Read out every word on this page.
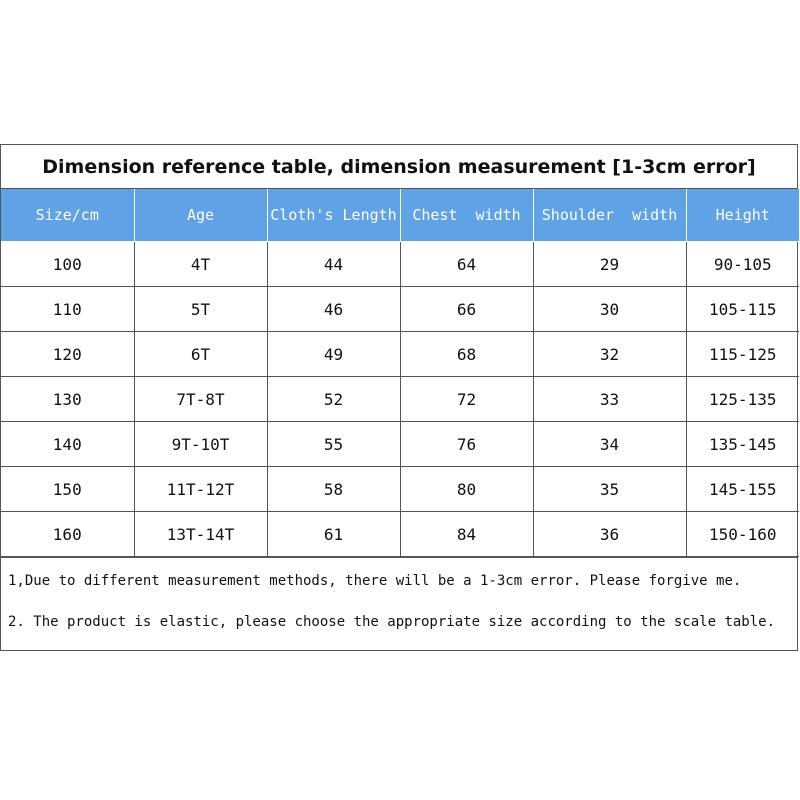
Dimension reference table, dimension measurement [1-3cm error]
Size/cm	Age	Cloth's Length	Chest  width	Shoulder  width	Height
100	4T	44	64	29	90-105
110	5T	46	66	30	105-115
120	6T	49	68	32	115-125
130	7T-8T	52	72	33	125-135
140	9T-10T	55	76	34	135-145
150	11T-12T	58	80	35	145-155
160	13T-14T	61	84	36	150-160
1,Due to different measurement methods, there will be a 1-3cm error. Please forgive me.
2. The product is elastic, please choose the appropriate size according to the scale table.
